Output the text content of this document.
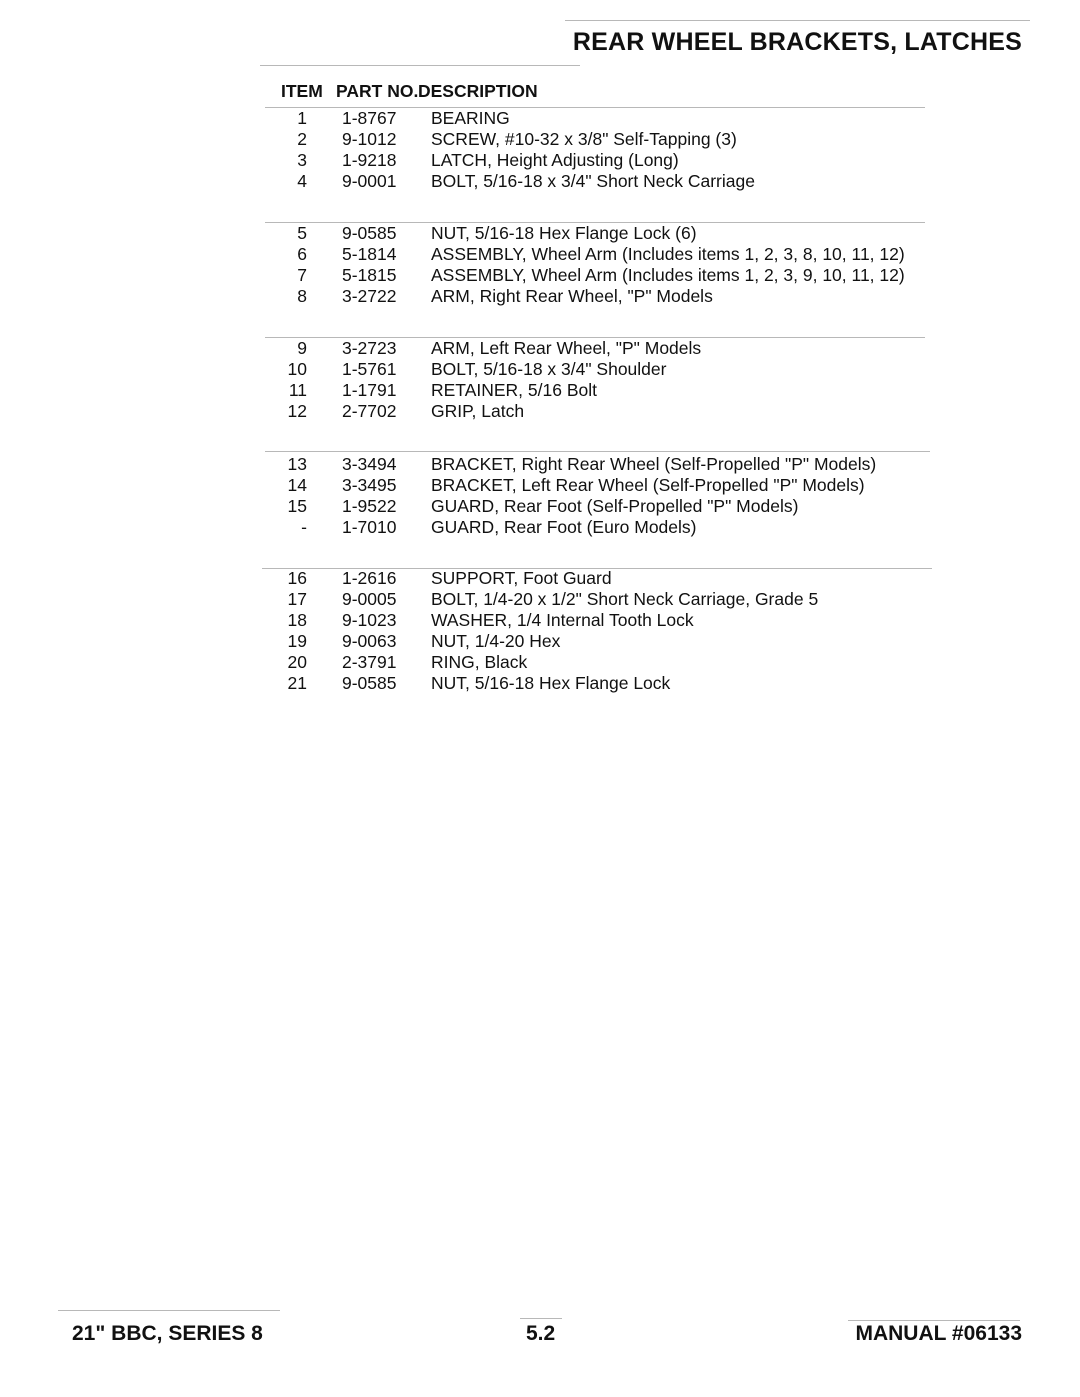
REAR WHEEL BRACKETS, LATCHES
ITEM PART NO. DESCRIPTION
1 1-8767 BEARING
2 9-1012 SCREW, #10-32 x 3/8" Self-Tapping (3)
3 1-9218 LATCH, Height Adjusting (Long)
4 9-0001 BOLT, 5/16-18 x 3/4" Short Neck Carriage
5 9-0585 NUT, 5/16-18 Hex Flange Lock (6)
6 5-1814 ASSEMBLY, Wheel Arm (Includes items 1, 2, 3, 8, 10, 11, 12)
7 5-1815 ASSEMBLY, Wheel Arm (Includes items 1, 2, 3, 9, 10, 11, 12)
8 3-2722 ARM, Right Rear Wheel, "P" Models
9 3-2723 ARM, Left Rear Wheel, "P" Models
10 1-5761 BOLT, 5/16-18 x 3/4" Shoulder
11 1-1791 RETAINER, 5/16 Bolt
12 2-7702 GRIP, Latch
13 3-3494 BRACKET, Right Rear Wheel (Self-Propelled "P" Models)
14 3-3495 BRACKET, Left Rear Wheel (Self-Propelled "P" Models)
15 1-9522 GUARD, Rear Foot (Self-Propelled "P" Models)
- 1-7010 GUARD, Rear Foot (Euro Models)
16 1-2616 SUPPORT, Foot Guard
17 9-0005 BOLT, 1/4-20 x 1/2" Short Neck Carriage, Grade 5
18 9-1023 WASHER, 1/4 Internal Tooth Lock
19 9-0063 NUT, 1/4-20 Hex
20 2-3791 RING, Black
21 9-0585 NUT, 5/16-18 Hex Flange Lock
21" BBC, SERIES 8	5.2	MANUAL #06133
